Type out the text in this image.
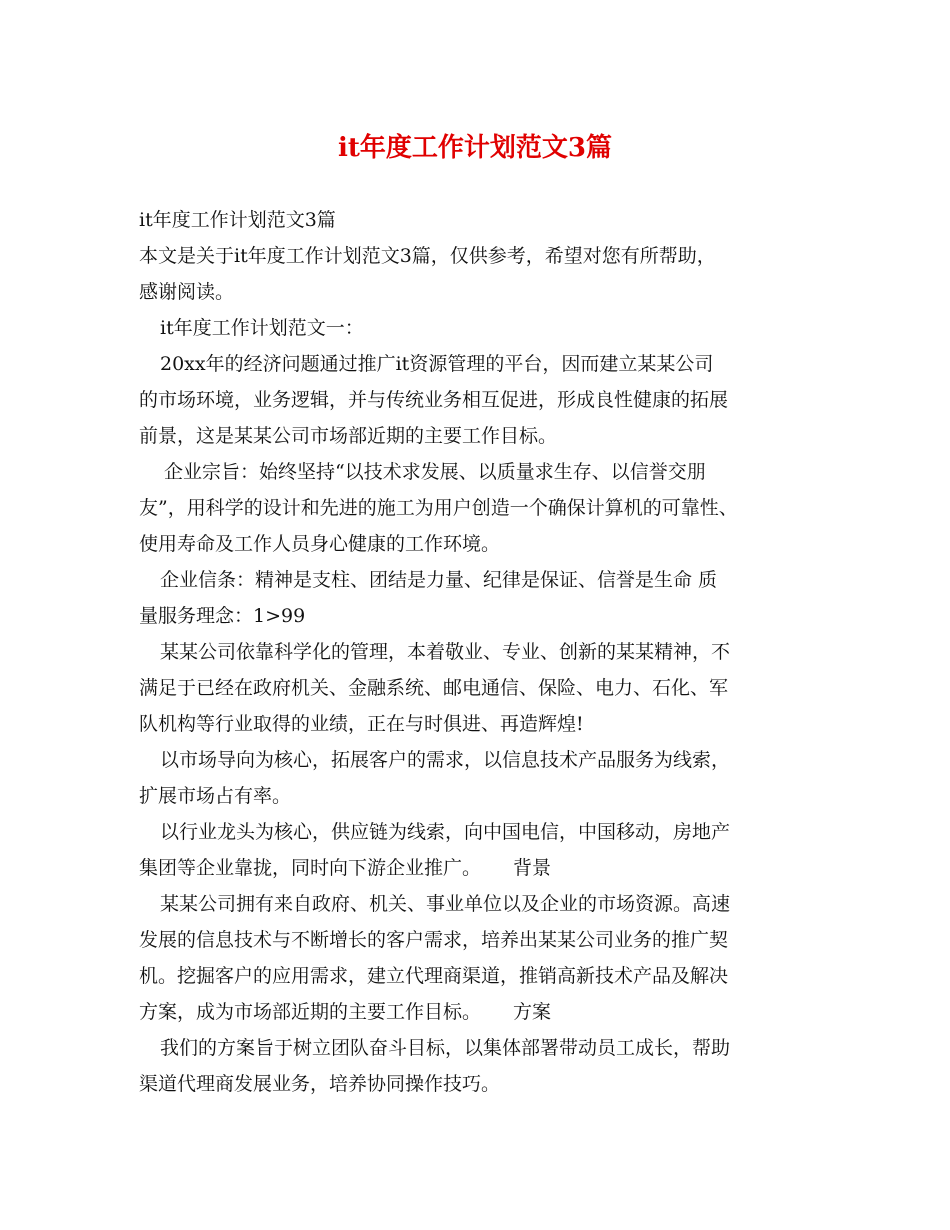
it年度工作计划范文3篇
it年度工作计划范文3篇
本文是关于it年度工作计划范文3篇，仅供参考，希望对您有所帮助，
感谢阅读。
it年度工作计划范文一：
20xx年的经济问题通过推广it资源管理的平台，因而建立某某公司
的市场环境，业务逻辑，并与传统业务相互促进，形成良性健康的拓展
前景，这是某某公司市场部近期的主要工作目标。
企业宗旨：始终坚持“以技术求发展、以质量求生存、以信誉交朋
友”，用科学的设计和先进的施工为用户创造一个确保计算机的可靠性、
使用寿命及工作人员身心健康的工作环境。
企业信条：精神是支柱、团结是力量、纪律是保证、信誉是生命 质
量服务理念：1>99
某某公司依靠科学化的管理，本着敬业、专业、创新的某某精神，不
满足于已经在政府机关、金融系统、邮电通信、保险、电力、石化、军
队机构等行业取得的业绩，正在与时俱进、再造辉煌!
以市场导向为核心，拓展客户的需求，以信息技术产品服务为线索，
扩展市场占有率。
以行业龙头为核心，供应链为线索，向中国电信，中国移动，房地产
集团等企业靠拢，同时向下游企业推广。 背景
某某公司拥有来自政府、机关、事业单位以及企业的市场资源。高速
发展的信息技术与不断增长的客户需求，培养出某某公司业务的推广契
机。挖掘客户的应用需求，建立代理商渠道，推销高新技术产品及解决
方案，成为市场部近期的主要工作目标。 方案
我们的方案旨于树立团队奋斗目标，以集体部署带动员工成长，帮助
渠道代理商发展业务，培养协同操作技巧。
